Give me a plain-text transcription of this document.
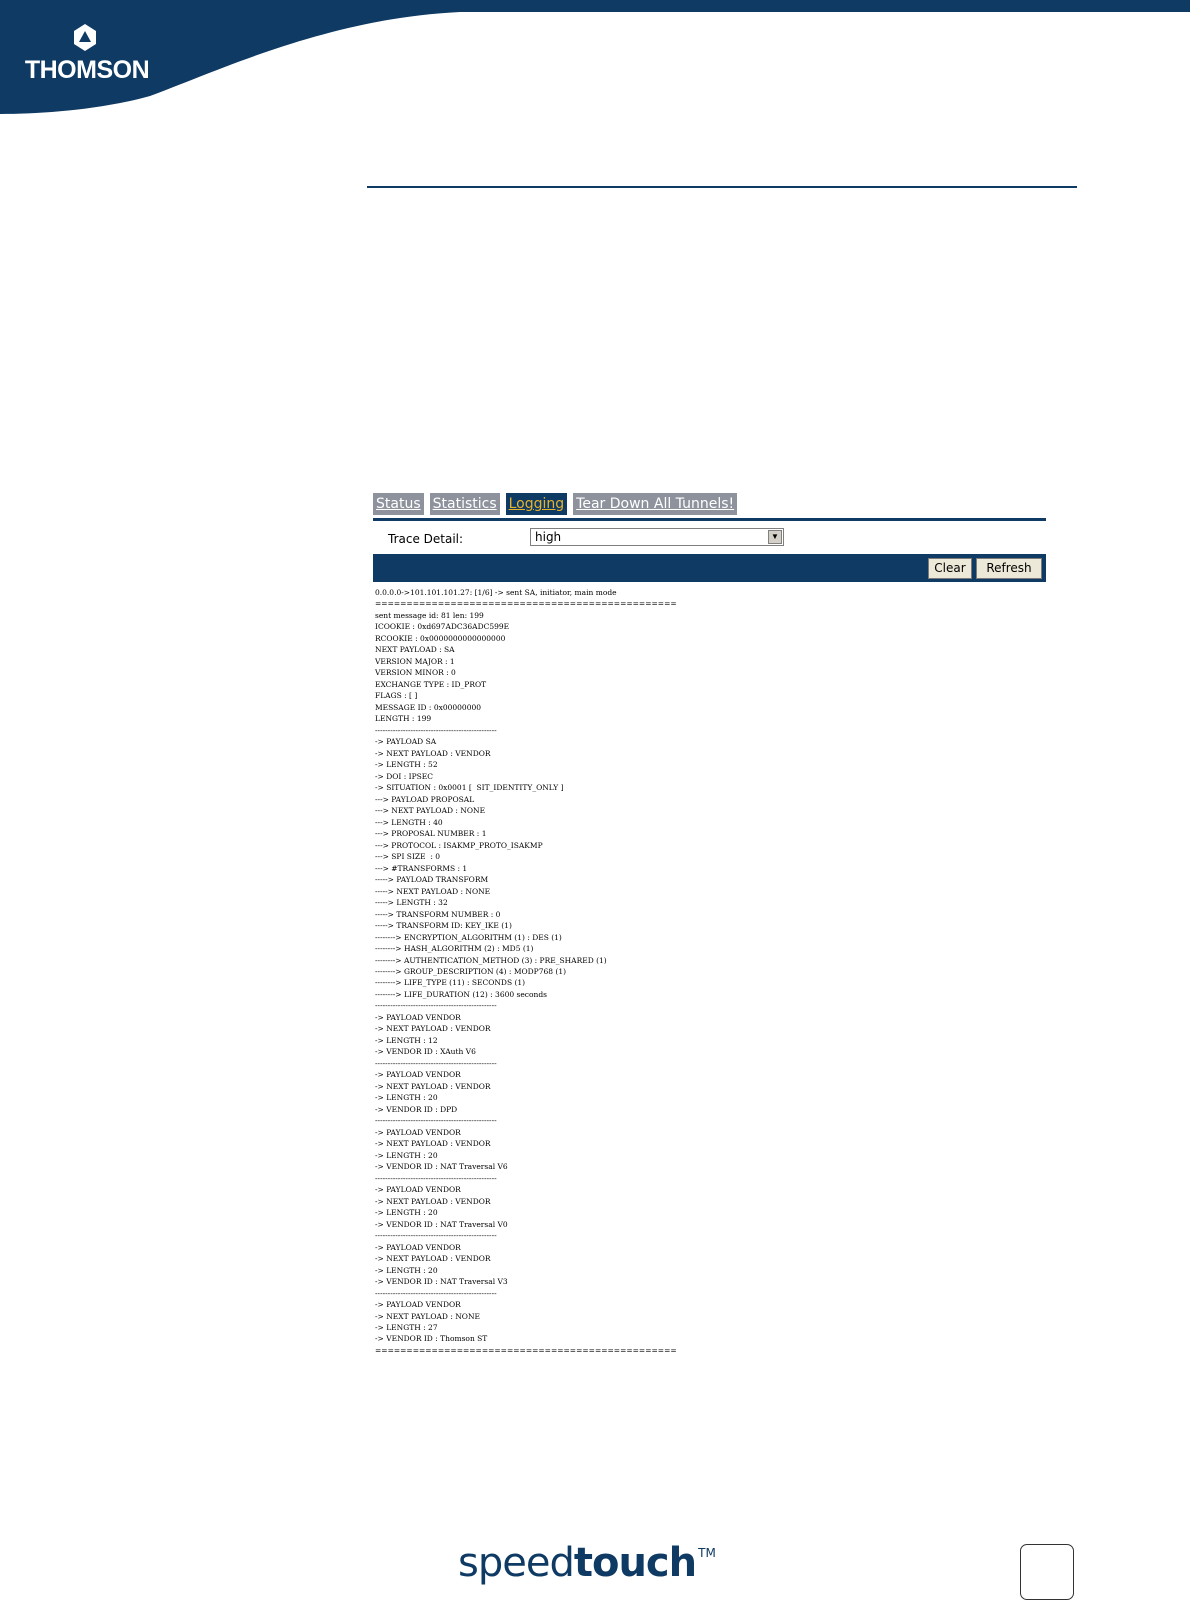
THOMSON
Status Statistics Logging Tear Down All Tunnels!
Trace Detail:	high	▼
Clear	Refresh
0.0.0.0->101.101.101.27: [1/6] -> sent SA, initiator, main mode
================================================
sent message id: 81 len: 199
ICOOKIE : 0xd697ADC36ADC599E
RCOOKIE : 0x0000000000000000
NEXT PAYLOAD : SA
VERSION MAJOR : 1
VERSION MINOR : 0
EXCHANGE TYPE : ID_PROT
FLAGS : [ ]
MESSAGE ID : 0x00000000
LENGTH : 199
------------------------------------------------
-> PAYLOAD SA
-> NEXT PAYLOAD : VENDOR
-> LENGTH : 52
-> DOI : IPSEC
-> SITUATION : 0x0001 [  SIT_IDENTITY_ONLY ]
---> PAYLOAD PROPOSAL
---> NEXT PAYLOAD : NONE
---> LENGTH : 40
---> PROPOSAL NUMBER : 1
---> PROTOCOL : ISAKMP_PROTO_ISAKMP
---> SPI SIZE  : 0
---> #TRANSFORMS : 1
-----> PAYLOAD TRANSFORM
-----> NEXT PAYLOAD : NONE
-----> LENGTH : 32
-----> TRANSFORM NUMBER : 0
-----> TRANSFORM ID: KEY_IKE (1)
--------> ENCRYPTION_ALGORITHM (1) : DES (1)
--------> HASH_ALGORITHM (2) : MD5 (1)
--------> AUTHENTICATION_METHOD (3) : PRE_SHARED (1)
--------> GROUP_DESCRIPTION (4) : MODP768 (1)
--------> LIFE_TYPE (11) : SECONDS (1)
--------> LIFE_DURATION (12) : 3600 seconds
------------------------------------------------
-> PAYLOAD VENDOR
-> NEXT PAYLOAD : VENDOR
-> LENGTH : 12
-> VENDOR ID : XAuth V6
------------------------------------------------
-> PAYLOAD VENDOR
-> NEXT PAYLOAD : VENDOR
-> LENGTH : 20
-> VENDOR ID : DPD
------------------------------------------------
-> PAYLOAD VENDOR
-> NEXT PAYLOAD : VENDOR
-> LENGTH : 20
-> VENDOR ID : NAT Traversal V6
------------------------------------------------
-> PAYLOAD VENDOR
-> NEXT PAYLOAD : VENDOR
-> LENGTH : 20
-> VENDOR ID : NAT Traversal V0
------------------------------------------------
-> PAYLOAD VENDOR
-> NEXT PAYLOAD : VENDOR
-> LENGTH : 20
-> VENDOR ID : NAT Traversal V3
------------------------------------------------
-> PAYLOAD VENDOR
-> NEXT PAYLOAD : NONE
-> LENGTH : 27
-> VENDOR ID : Thomson ST
================================================
speedtouch ™
